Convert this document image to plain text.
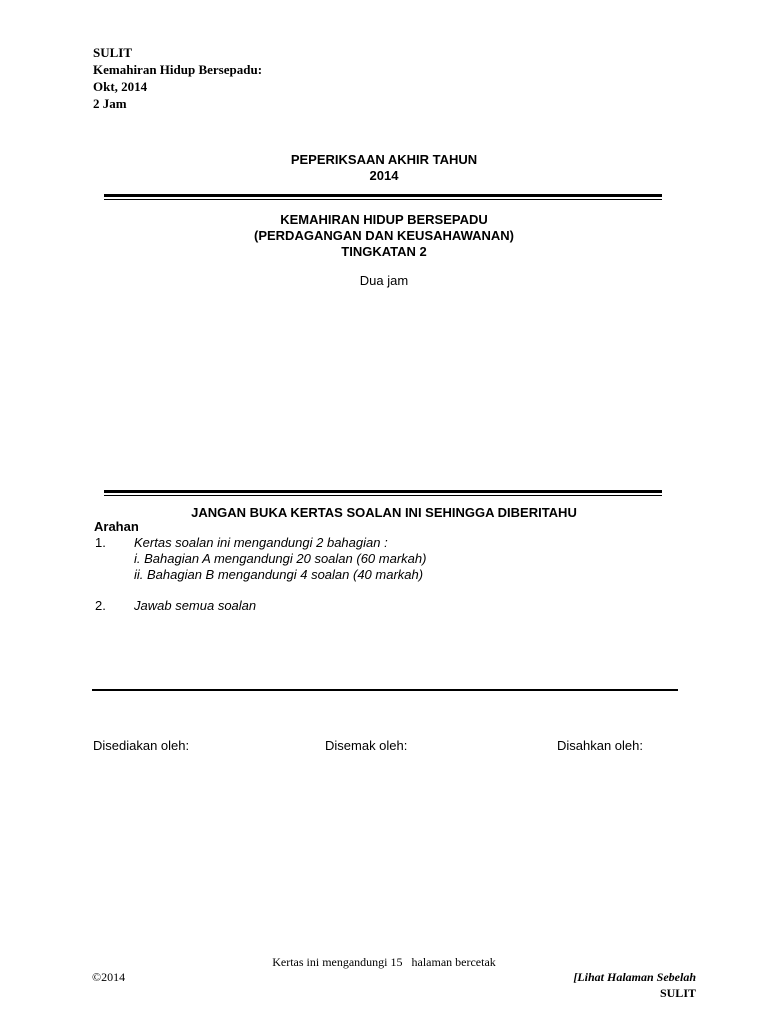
SULIT
Kemahiran Hidup Bersepadu:
Okt, 2014
2 Jam
PEPERIKSAAN AKHIR TAHUN
2014
KEMAHIRAN HIDUP BERSEPADU
(PERDAGANGAN DAN KEUSAHAWANAN)
TINGKATAN 2
Dua jam
JANGAN BUKA KERTAS SOALAN INI SEHINGGA DIBERITAHU
Arahan
1. Kertas soalan ini mengandungi 2 bahagian :
i. Bahagian A mengandungi 20 soalan (60 markah)
ii. Bahagian B mengandungi 4 soalan (40 markah)
2. Jawab semua soalan
Disediakan oleh:	Disemak oleh:	Disahkan oleh:
Kertas ini mengandungi 15   halaman bercetak
©2014	[Lihat Halaman Sebelah
SULIT
